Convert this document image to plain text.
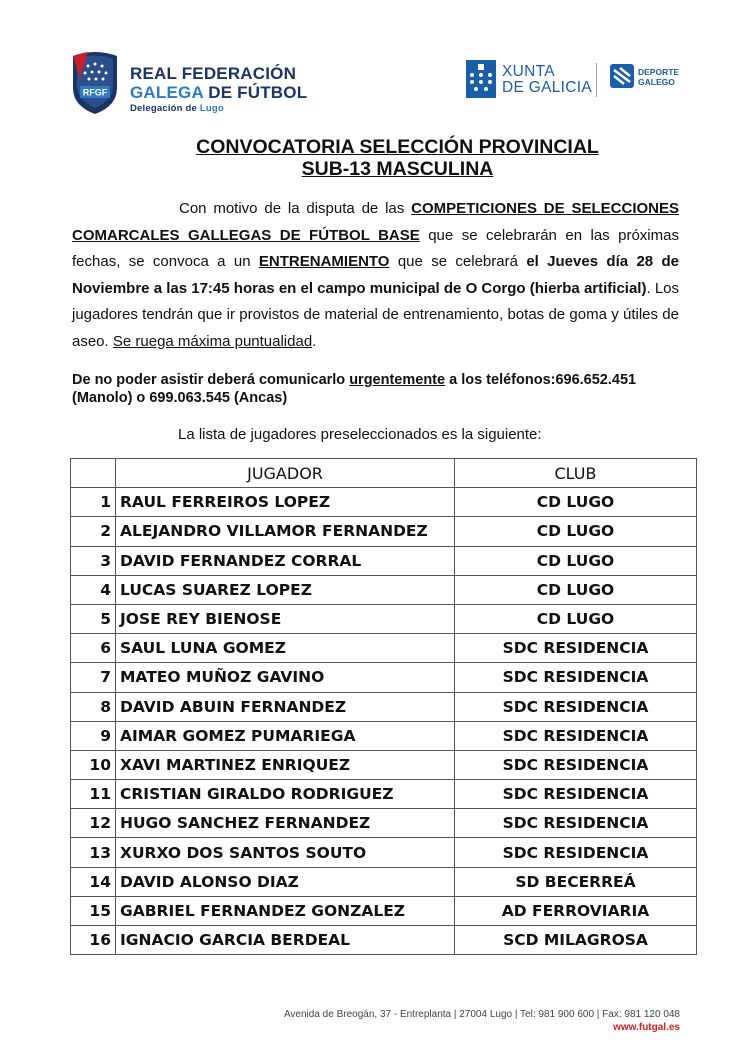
RFGF
REAL FEDERACIÓN
GALEGA DE FÚTBOL
Delegación de Lugo
XUNTA
DE GALICIA
DEPORTE
GALEGO
CONVOCATORIA SELECCIÓN PROVINCIAL
SUB-13 MASCULINA
Con motivo de la disputa de las COMPETICIONES DE SELECCIONES COMARCALES GALLEGAS DE FÚTBOL BASE que se celebrarán en las próximas fechas, se convoca a un ENTRENAMIENTO que se celebrará el Jueves día 28 de Noviembre a las 17:45 horas en el campo municipal de O Corgo (hierba artificial). Los jugadores tendrán que ir provistos de material de entrenamiento, botas de goma y útiles de aseo. Se ruega máxima puntualidad.
De no poder asistir deberá comunicarlo urgentemente a los teléfonos:696.652.451 (Manolo) o 699.063.545 (Ancas)
La lista de jugadores preseleccionados es la siguiente:
	JUGADOR	CLUB
1	RAUL FERREIROS LOPEZ	CD LUGO
2	ALEJANDRO VILLAMOR FERNANDEZ	CD LUGO
3	DAVID FERNANDEZ CORRAL	CD LUGO
4	LUCAS SUAREZ LOPEZ	CD LUGO
5	JOSE REY BIENOSE	CD LUGO
6	SAUL LUNA GOMEZ	SDC RESIDENCIA
7	MATEO MUÑOZ GAVINO	SDC RESIDENCIA
8	DAVID ABUIN FERNANDEZ	SDC RESIDENCIA
9	AIMAR GOMEZ PUMARIEGA	SDC RESIDENCIA
10	XAVI MARTINEZ ENRIQUEZ	SDC RESIDENCIA
11	CRISTIAN GIRALDO RODRIGUEZ	SDC RESIDENCIA
12	HUGO SANCHEZ FERNANDEZ	SDC RESIDENCIA
13	XURXO DOS SANTOS SOUTO	SDC RESIDENCIA
14	DAVID ALONSO DIAZ	SD BECERREÁ
15	GABRIEL FERNANDEZ GONZALEZ	AD FERROVIARIA
16	IGNACIO GARCIA BERDEAL	SCD MILAGROSA
Avenida de Breogán, 37 - Entreplanta | 27004 Lugo | Tel: 981 900 600 | Fax: 981 120 048
www.futgal.es
